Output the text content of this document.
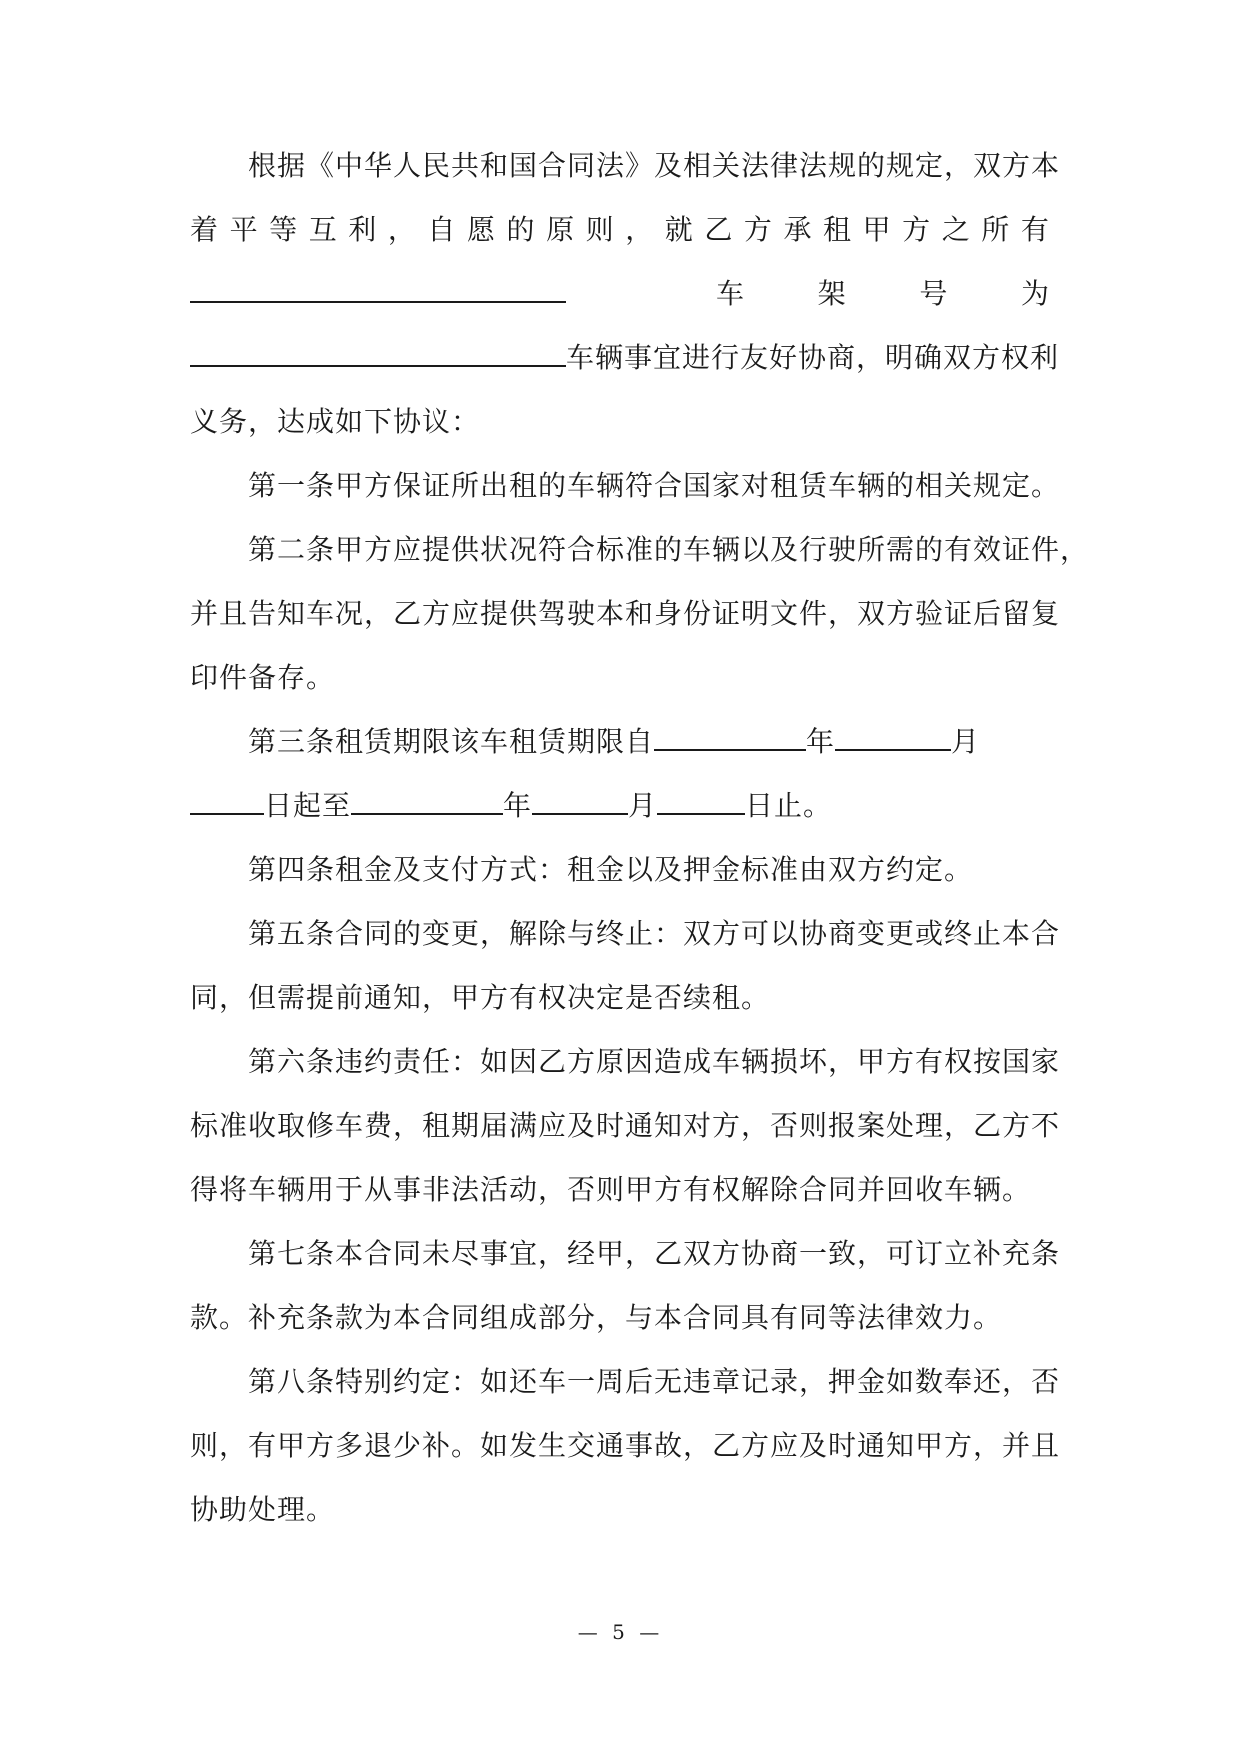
根据《中华人民共和国合同法》及相关法律法规的规定，双方本
着 平 等 互 利 ， 自 愿 的 原 则 ， 就 乙 方 承 租 甲 方 之 所 有
车	架	号	为
车辆事宜进行友好协商，明确双方权利
义务，达成如下协议：
第一条甲方保证所出租的车辆符合国家对租赁车辆的相关规定。
第二条甲方应提供状况符合标准的车辆以及行驶所需的有效证件，
并且告知车况，乙方应提供驾驶本和身份证明文件，双方验证后留复
印件备存。
第三条租赁期限该车租赁期限自	年	月
日起至	年	月	日止。
第四条租金及支付方式：租金以及押金标准由双方约定。
第五条合同的变更，解除与终止：双方可以协商变更或终止本合
同，但需提前通知，甲方有权决定是否续租。
第六条违约责任：如因乙方原因造成车辆损坏，甲方有权按国家
标准收取修车费，租期届满应及时通知对方，否则报案处理，乙方不
得将车辆用于从事非法活动，否则甲方有权解除合同并回收车辆。
第七条本合同未尽事宜，经甲，乙双方协商一致，可订立补充条
款。补充条款为本合同组成部分，与本合同具有同等法律效力。
第八条特别约定：如还车一周后无违章记录，押金如数奉还，否
则，有甲方多退少补。如发生交通事故，乙方应及时通知甲方，并且
协助处理。
— 5 —
